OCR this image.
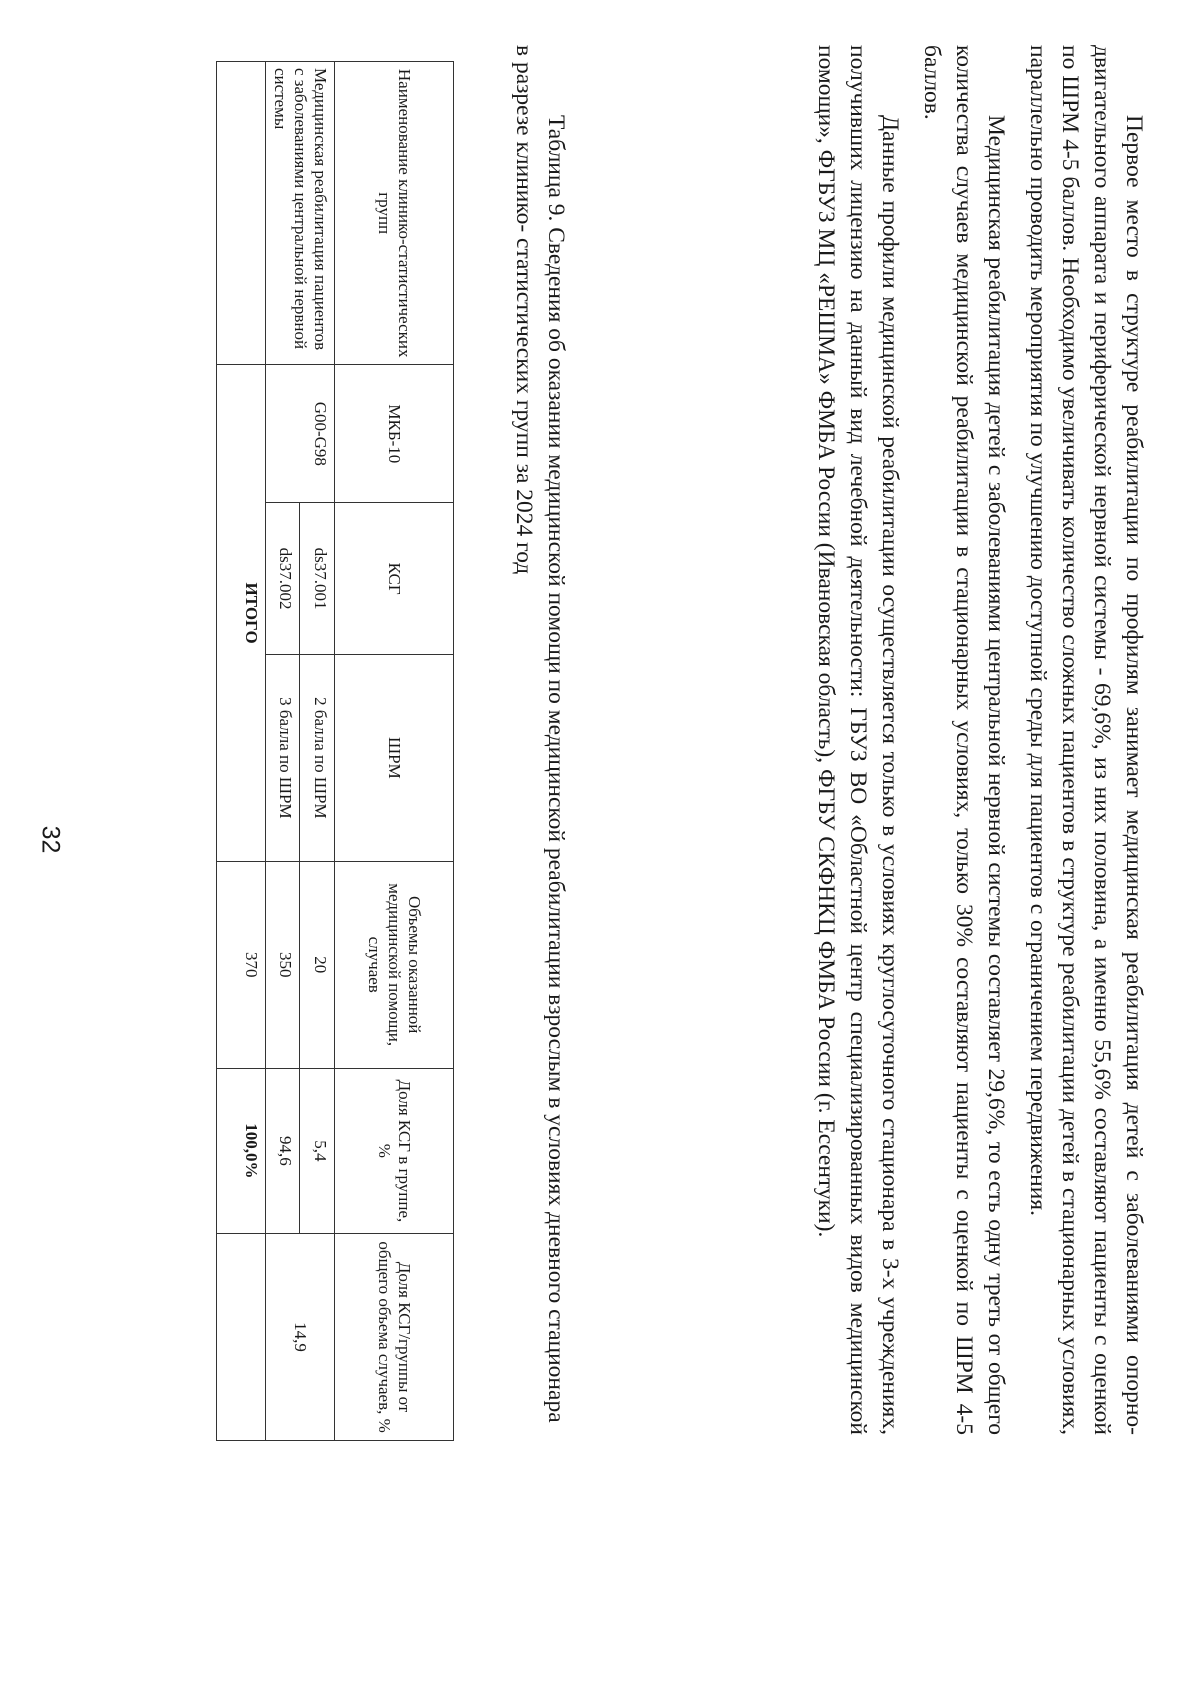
32	Первое место в структуре реабилитации по профилям занимает медицинская реабилитация детей с заболеваниями опорно-двигательного аппарата и периферической нервной системы - 69,6%, из них половина, а именно 55,6% составляют пациенты с оценкой по ШРМ 4-5 баллов. Необходимо увеличивать количество сложных пациентов в структуре реабилитации детей в стационарных условиях, параллельно проводить мероприятия по улучшению доступной среды для пациентов с ограничением передвижения.

Медицинская реабилитация детей с заболеваниями центральной нервной системы составляет 29,6%, то есть одну треть от общего количества случаев медицинской реабилитации в стационарных условиях, только 30% составляют пациенты с оценкой по ШРМ 4-5 баллов.

Данные профили медицинской реабилитации осуществляется только в условиях круглосуточного стационара в 3-х учреждениях, получивших лицензию на данный вид лечебной деятельности: ГБУЗ ВО «Областной центр специализированных видов медицинской помощи», ФГБУЗ МЦ «РЕШМА» ФМБА России (Ивановская область), ФГБУ СКФНКЦ ФМБА России (г. Ессентуки).

Таблица 9. Сведения об оказании медицинской помощи по медицинской реабилитации взрослым в условиях дневного стационара в разрезе клинико- статистических групп за 2024 год

Наименование клинико-статистических групп	МКБ-10	КСГ	ШРМ	Объемы оказанной медицинской помощи, случаев	Доля КСГ в группе, %	Доля КСГ/группы от общего объема случаев, %
Медицинская реабилитация пациентов с заболеваниями центральной нервной системы	G00-G98	ds37.001	2 балла по ШРМ	20	5,4	14,9
		ds37.002	3 балла по ШРМ	350	94,6	
	ИТОГО			370	100,0%	
